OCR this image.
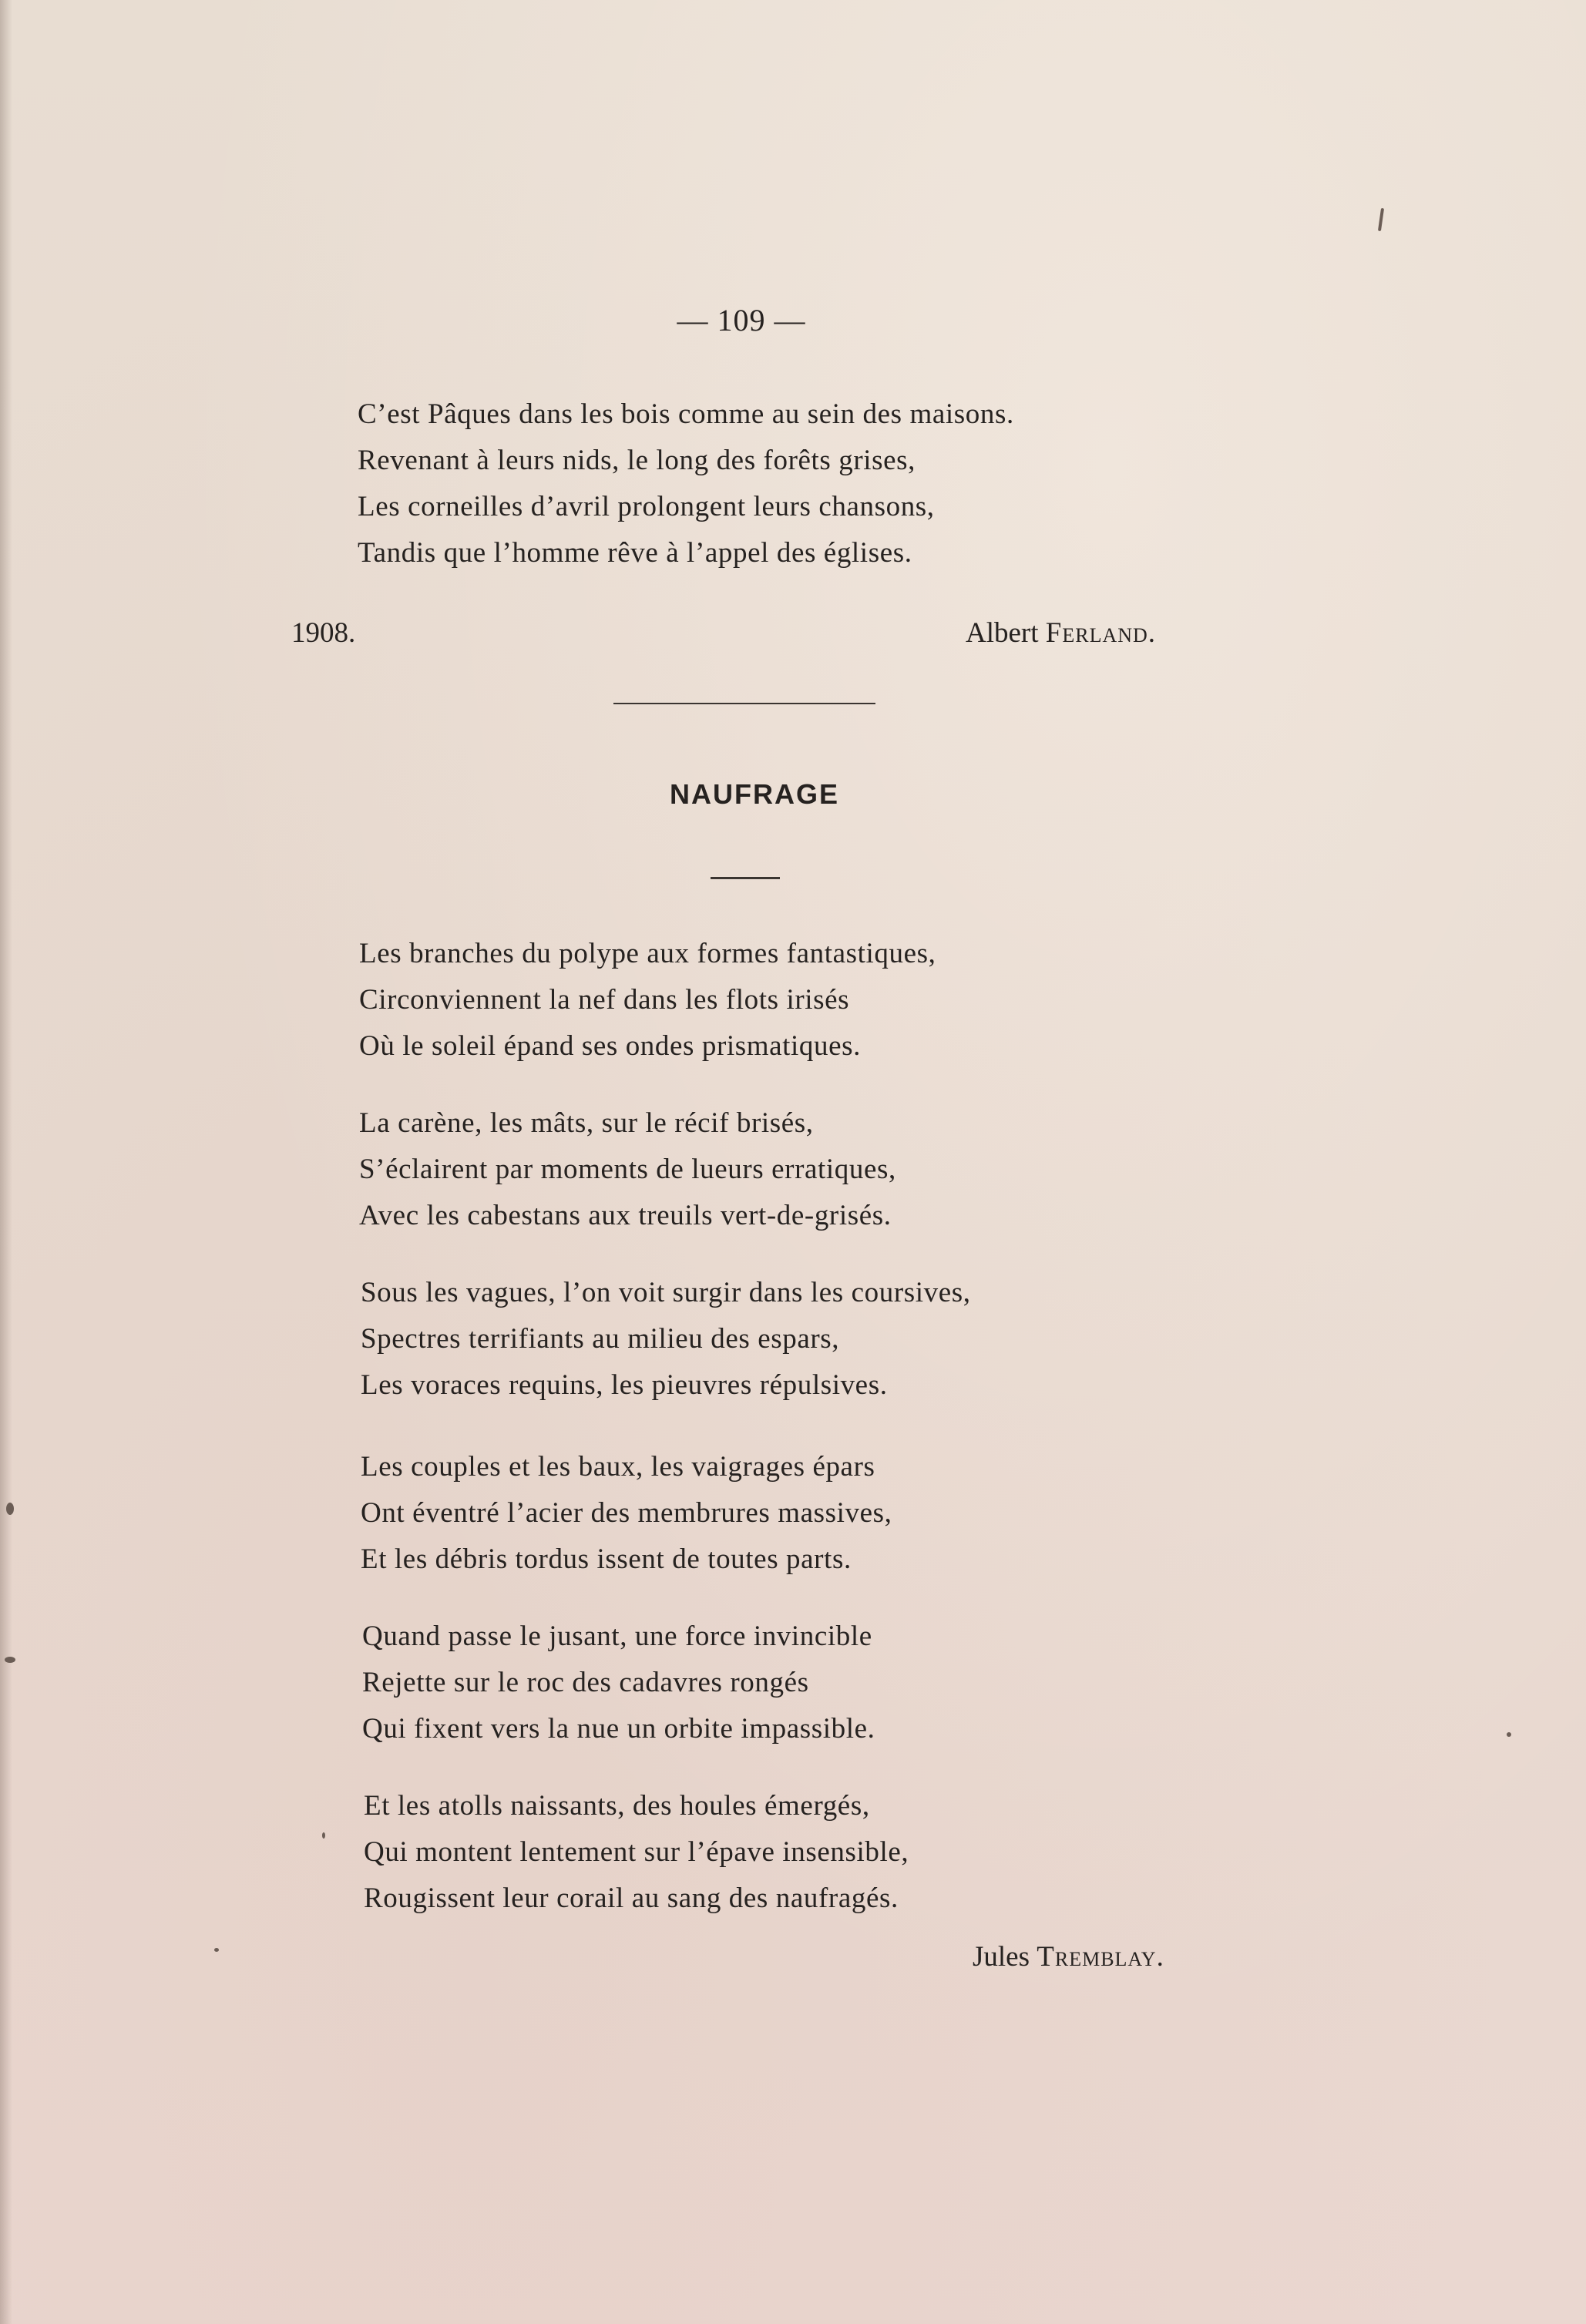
— 109 —
C’est Pâques dans les bois comme au sein des maisons.
Revenant à leurs nids, le long des forêts grises,
Les corneilles d’avril prolongent leurs chansons,
Tandis que l’homme rêve à l’appel des églises.
1908.	Albert Ferland.
NAUFRAGE
Les branches du polype aux formes fantastiques,
Circonviennent la nef dans les flots irisés
Où le soleil épand ses ondes prismatiques.
La carène, les mâts, sur le récif brisés,
S’éclairent par moments de lueurs erratiques,
Avec les cabestans aux treuils vert-de-grisés.
Sous les vagues, l’on voit surgir dans les coursives,
Spectres terrifiants au milieu des espars,
Les voraces requins, les pieuvres répulsives.
Les couples et les baux, les vaigrages épars
Ont éventré l’acier des membrures massives,
Et les débris tordus issent de toutes parts.
Quand passe le jusant, une force invincible
Rejette sur le roc des cadavres rongés
Qui fixent vers la nue un orbite impassible.
Et les atolls naissants, des houles émergés,
Qui montent lentement sur l’épave insensible,
Rougissent leur corail au sang des naufragés.
Jules Tremblay.
